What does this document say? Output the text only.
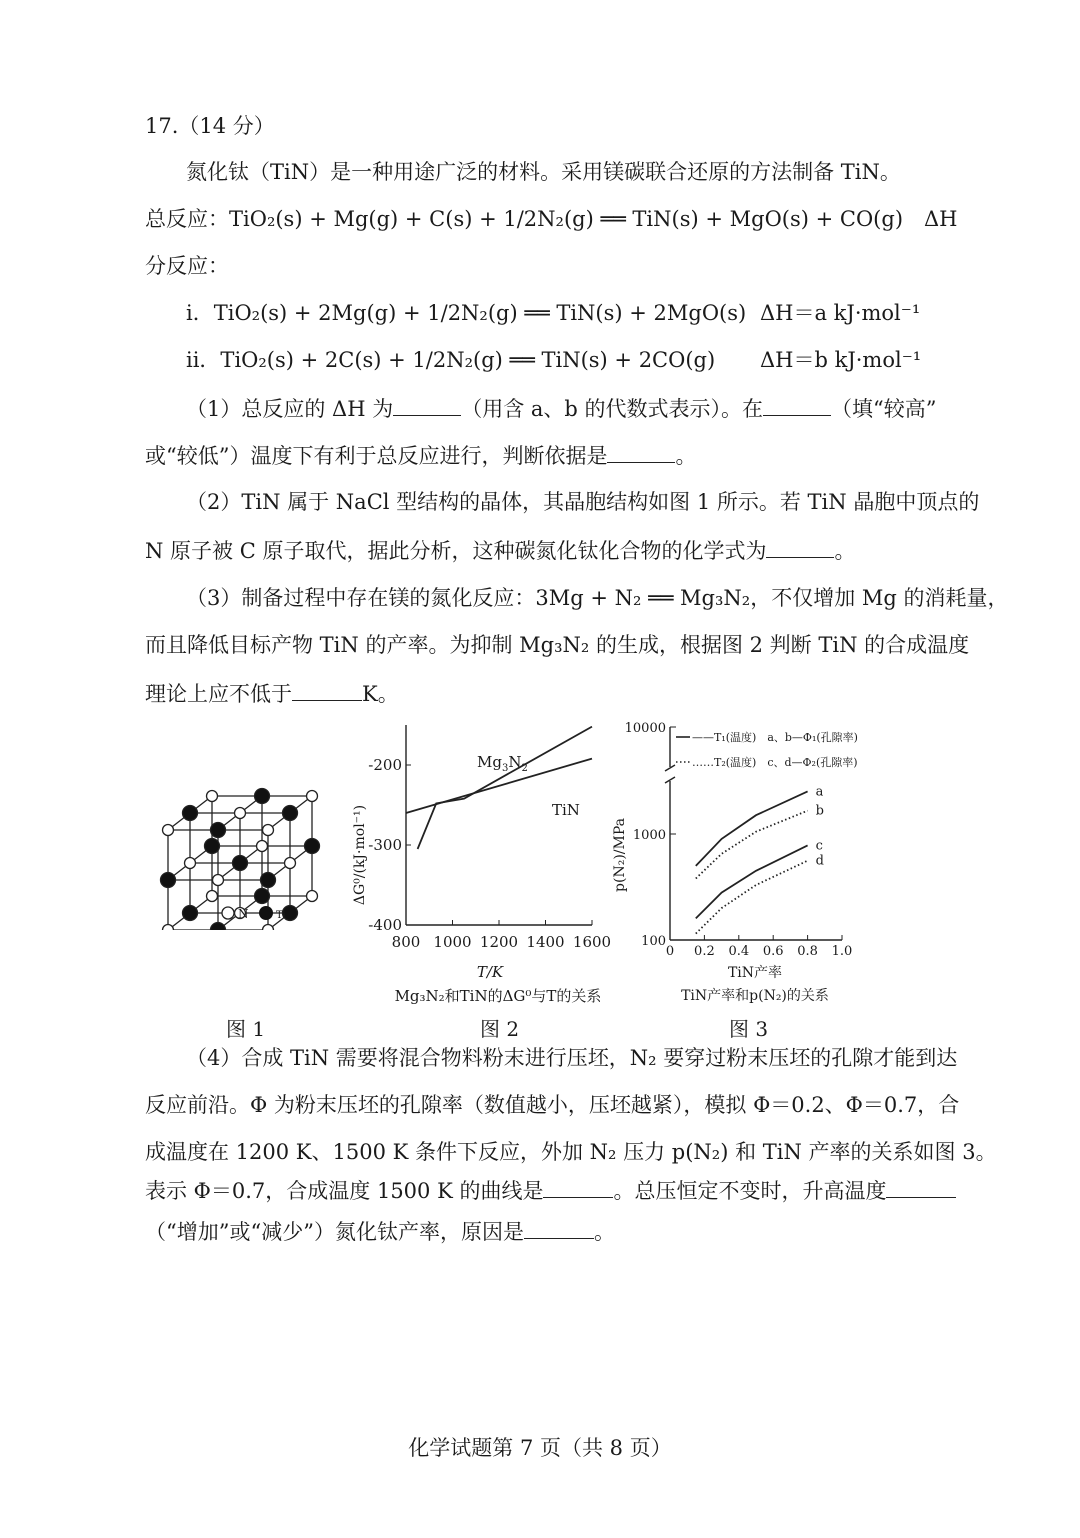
17.（14 分）
氮化钛（TiN）是一种用途广泛的材料。采用镁碳联合还原的方法制备 TiN。
总反应：TiO₂(s) + Mg(g) + C(s) + 1/2N₂(g) ══ TiN(s) + MgO(s) + CO(g)　ΔH
分反应：
i．TiO₂(s) + 2Mg(g) + 1/2N₂(g) ══ TiN(s) + 2MgO(s) ΔH＝a kJ·mol⁻¹
ii．TiO₂(s) + 2C(s) + 1/2N₂(g) ══ TiN(s) + 2CO(g) ΔH＝b kJ·mol⁻¹
（1）总反应的 ΔH 为	（用含 a、b 的代数式表示）。在	（填“较高”
或“较低”）温度下有利于总反应进行，判断依据是	。
（2）TiN 属于 NaCl 型结构的晶体，其晶胞结构如图 1 所示。若 TiN 晶胞中顶点的
N 原子被 C 原子取代，据此分析，这种碳氮化钛化合物的化学式为	。
（3）制备过程中存在镁的氮化反应：3Mg + N₂ ══ Mg₃N₂，不仅增加 Mg 的消耗量，
而且降低目标产物 TiN 的产率。为抑制 Mg₃N₂ 的生成，根据图 2 判断 TiN 的合成温度
理论上应不低于	K。
N	Ti
800 1000 1200 1400 1600
-200
-300
-400
$Mg_3N_2$
TiN
ΔG⁰/(kJ·mol⁻¹)
T/K
Mg₃N₂和TiN的ΔG⁰与T的关系
10000
1000
100
0 0.2 0.4 0.6 0.8 1.0
a
b
c
d
——T₁(温度)　a、b—Φ₁(孔隙率)
……T₂(温度)　c、d—Φ₂(孔隙率)
p(N₂)/MPa
TiN产率
TiN产率和p(N₂)的关系
图 1	图 2	图 3
（4）合成 TiN 需要将混合物料粉末进行压坯，N₂ 要穿过粉末压坯的孔隙才能到达
反应前沿。Φ 为粉末压坯的孔隙率（数值越小，压坯越紧），模拟 Φ＝0.2、Φ＝0.7，合
成温度在 1200 K、1500 K 条件下反应，外加 N₂ 压力 p(N₂) 和 TiN 产率的关系如图 3。
表示 Φ＝0.7，合成温度 1500 K 的曲线是	。总压恒定不变时，升高温度
（“增加”或“减少”）氮化钛产率，原因是	。
化学试题第 7 页（共 8 页）
